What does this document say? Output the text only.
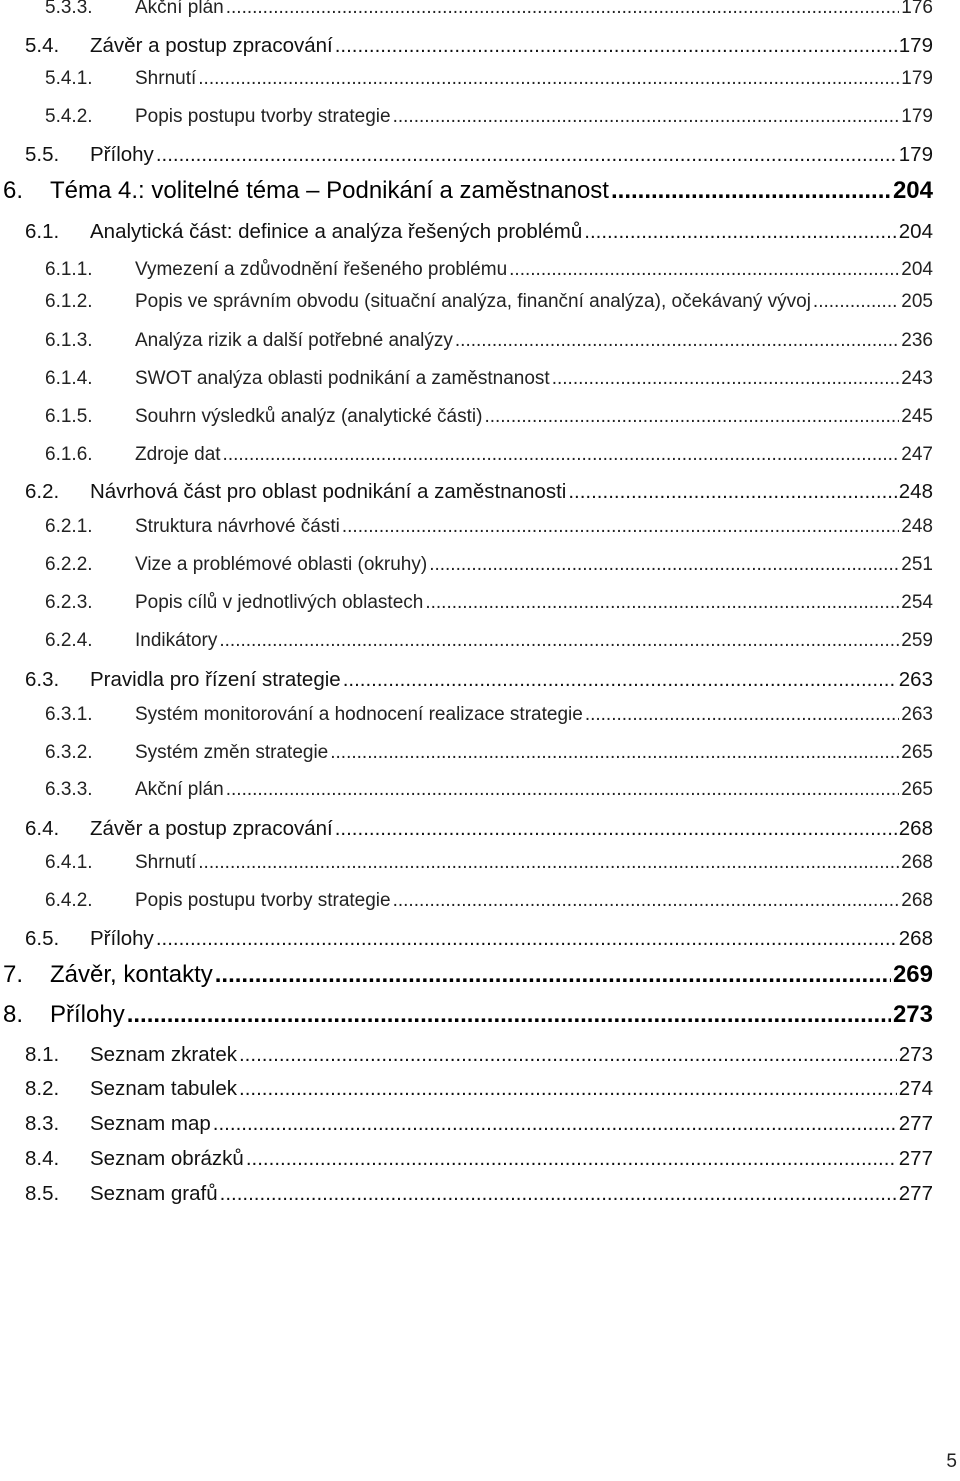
5.3.3. Akční plán .....	176
5.4. Závěr a postup zpracování .....	179
5.4.1. Shrnutí .....	179
5.4.2. Popis postupu tvorby strategie .....	179
5.5. Přílohy .....	179
6. Téma 4.: volitelné téma – Podnikání a zaměstnanost .....	204
6.1. Analytická část: definice a analýza řešených problémů .....	204
6.1.1. Vymezení a zdůvodnění řešeného problému .....	204
6.1.2. Popis ve správním obvodu (situační analýza, finanční analýza), očekávaný vývoj .....	205
6.1.3. Analýza rizik a další potřebné analýzy .....	236
6.1.4. SWOT analýza oblasti podnikání a zaměstnanost .....	243
6.1.5. Souhrn výsledků analýz (analytické části) .....	245
6.1.6. Zdroje dat .....	247
6.2. Návrhová část pro oblast podnikání a zaměstnanosti .....	248
6.2.1. Struktura návrhové části .....	248
6.2.2. Vize a problémové oblasti (okruhy) .....	251
6.2.3. Popis cílů v jednotlivých oblastech .....	254
6.2.4. Indikátory .....	259
6.3. Pravidla pro řízení strategie .....	263
6.3.1. Systém monitorování a hodnocení realizace strategie .....	263
6.3.2. Systém změn strategie .....	265
6.3.3. Akční plán .....	265
6.4. Závěr a postup zpracování .....	268
6.4.1. Shrnutí .....	268
6.4.2. Popis postupu tvorby strategie .....	268
6.5. Přílohy .....	268
7. Závěr, kontakty .....	269
8. Přílohy .....	273
8.1. Seznam zkratek .....	273
8.2. Seznam tabulek .....	274
8.3. Seznam map .....	277
8.4. Seznam obrázků .....	277
8.5. Seznam grafů .....	277
5
